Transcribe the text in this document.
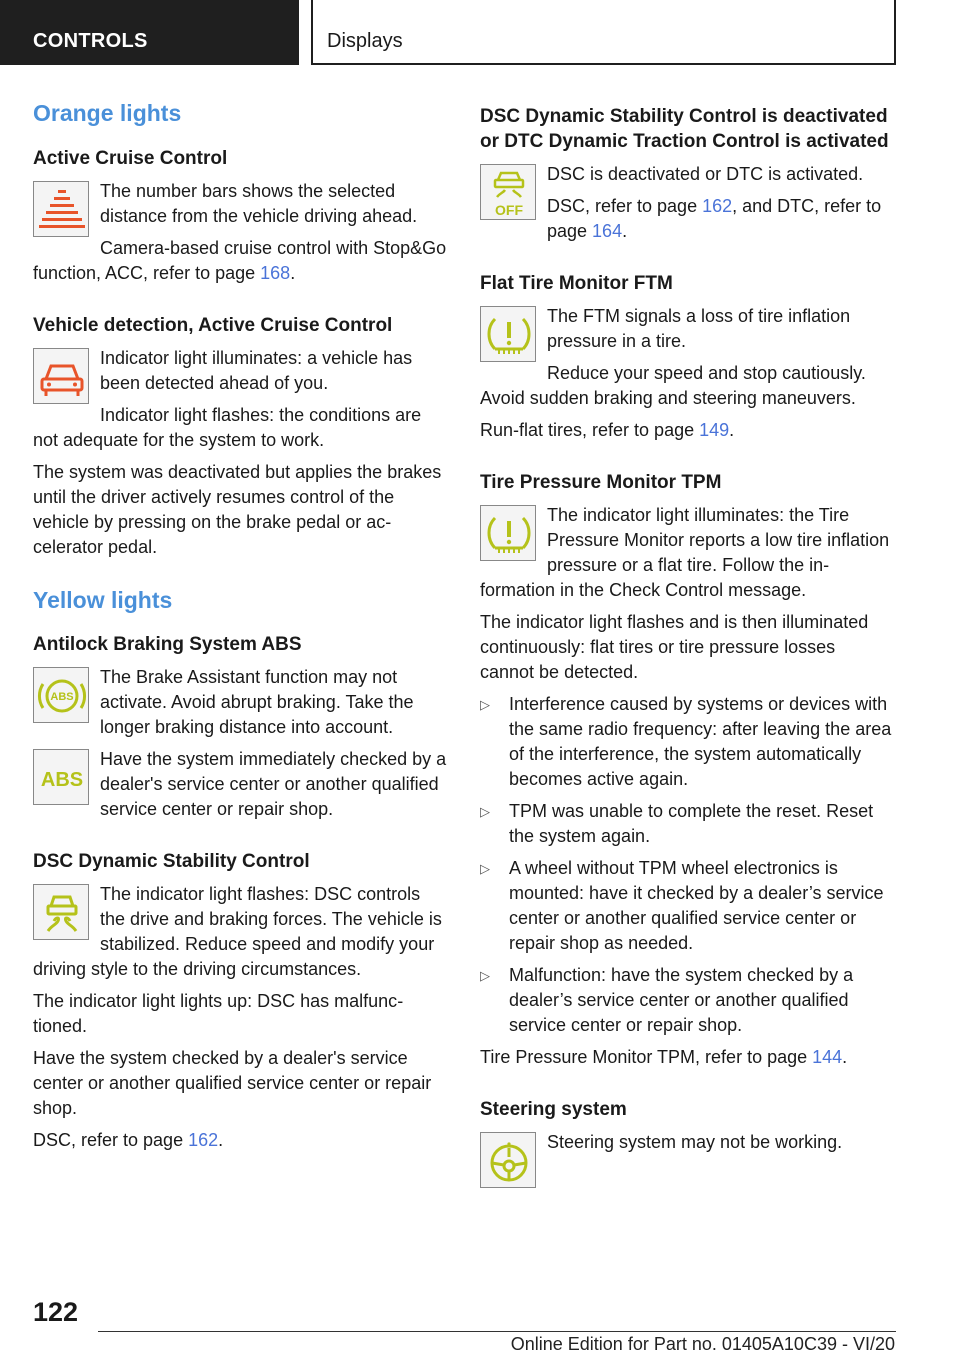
CONTROLS	Displays
Orange lights
Active Cruise Control

The number bars shows the selected distance from the vehicle driving ahead.

Camera-based cruise control with Stop&Go function, ACC, refer to page 168.

Vehicle detection, Active Cruise Control

Indicator light illuminates: a vehicle has been detected ahead of you.

Indicator light flashes: the conditions are not adequate for the system to work.

The system was deactivated but applies the brakes until the driver actively resumes control of the vehicle by pressing on the brake pedal or accelerator pedal.

Yellow lights
Antilock Braking System ABS
ABS

The Brake Assistant function may not activate. Avoid abrupt braking. Take the longer braking distance into account.

ABS

Have the system immediately checked by a dealer's service center or another qualified service center or repair shop.

DSC Dynamic Stability Control

The indicator light flashes: DSC controls the drive and braking forces. The vehicle is stabilized. Reduce speed and modify your driving style to the driving circumstances.

The indicator light lights up: DSC has malfunctioned.

Have the system checked by a dealer's service center or another qualified service center or repair shop.

DSC, refer to page 162.

DSC Dynamic Stability Control is deactivated or DTC Dynamic Traction Control is activated
OFF

DSC is deactivated or DTC is activated.

DSC, refer to page 162, and DTC, refer to page 164.

Flat Tire Monitor FTM

The FTM signals a loss of tire inflation pressure in a tire.

Reduce your speed and stop cautiously. Avoid sudden braking and steering maneuvers.

Run-flat tires, refer to page 149.

Tire Pressure Monitor TPM

The indicator light illuminates: the Tire Pressure Monitor reports a low tire inflation pressure or a flat tire. Follow the information in the Check Control message.

The indicator light flashes and is then illuminated continuously: flat tires or tire pressure losses cannot be detected.

▷ Interference caused by systems or devices with the same radio frequency: after leaving the area of the interference, the system automatically becomes active again.
▷ TPM was unable to complete the reset. Reset the system again.
▷ A wheel without TPM wheel electronics is mounted: have it checked by a dealer’s service center or another qualified service center or repair shop as needed.
▷ Malfunction: have the system checked by a dealer’s service center or another qualified service center or repair shop.

Tire Pressure Monitor TPM, refer to page 144.

Steering system

Steering system may not be working.

122
Online Edition for Part no. 01405A10C39 - VI/20
